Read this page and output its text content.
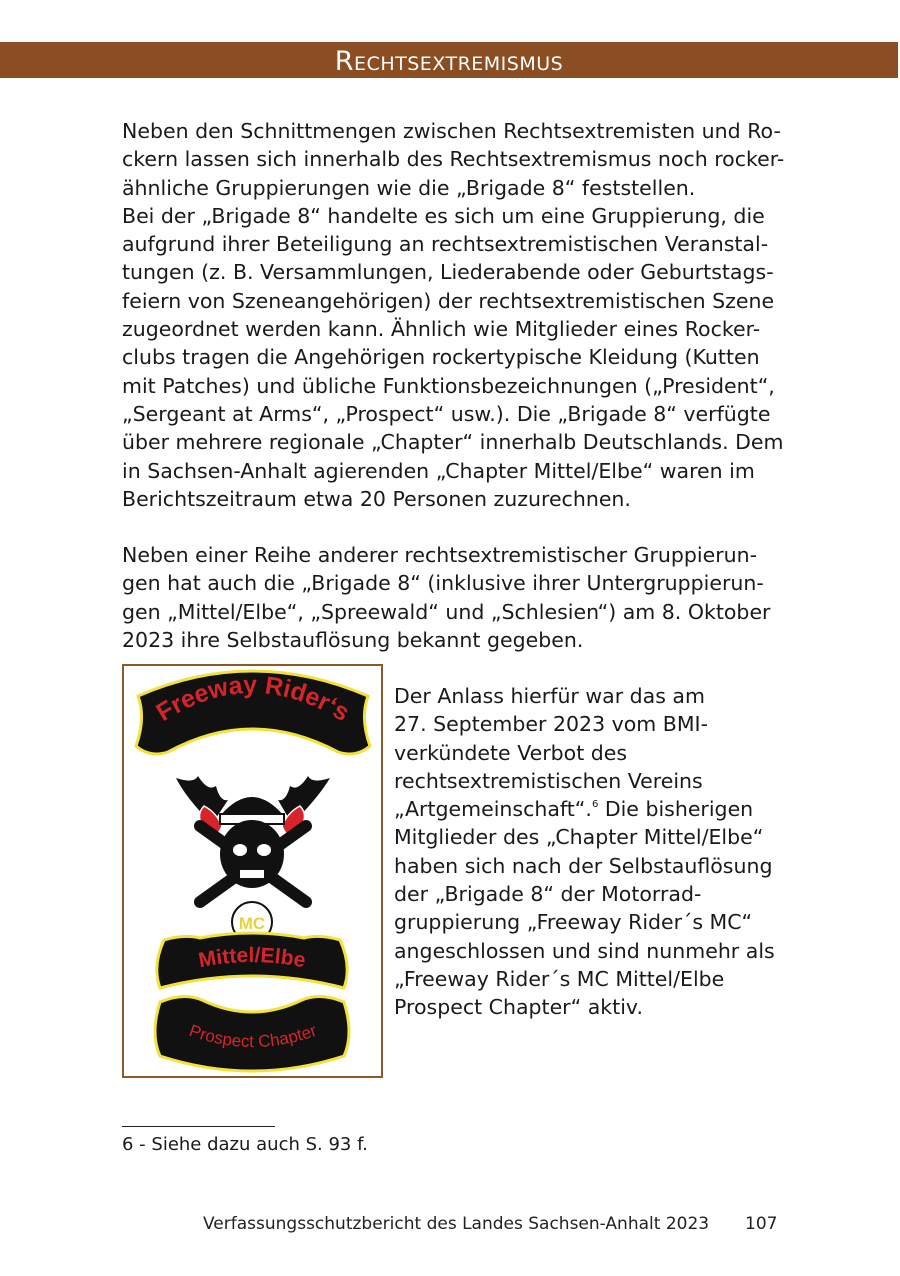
Rechtsextremismus

Neben den Schnittmengen zwischen Rechtsextremisten und Ro-
ckern lassen sich innerhalb des Rechtsextremismus noch rocker-
ähnliche Gruppierungen wie die „Brigade 8“ feststellen.
Bei der „Brigade 8“ handelte es sich um eine Gruppierung, die
aufgrund ihrer Beteiligung an rechtsextremistischen Veranstal-
tungen (z. B. Versammlungen, Liederabende oder Geburtstags-
feiern von Szeneangehörigen) der rechtsextremistischen Szene
zugeordnet werden kann. Ähnlich wie Mitglieder eines Rocker-
clubs tragen die Angehörigen rockertypische Kleidung (Kutten
mit Patches) und übliche Funktionsbezeichnungen („President“,
„Sergeant at Arms“, „Prospect“ usw.). Die „Brigade 8“ verfügte
über mehrere regionale „Chapter“ innerhalb Deutschlands. Dem
in Sachsen-Anhalt agierenden „Chapter Mittel/Elbe“ waren im
Berichtszeitraum etwa 20 Personen zuzurechnen.

Neben einer Reihe anderer rechtsextremistischer Gruppierun-
gen hat auch die „Brigade 8“ (inklusive ihrer Untergruppierun-
gen „Mittel/Elbe“, „Spreewald“ und „Schlesien“) am 8. Oktober
2023 ihre Selbstauflösung bekannt gegeben.

Freeway Rider‘s
MC
Mittel/Elbe
Prospect Chapter

Der Anlass hierfür war das am
27. September 2023 vom BMI-
verkündete Verbot des
rechtsextremistischen Vereins
„Artgemeinschaft“.$^6$ Die bisherigen
Mitglieder des „Chapter Mittel/Elbe“
haben sich nach der Selbstauflösung
der „Brigade 8“ der Motorrad-
gruppierung „Freeway Rider´s MC“
angeschlossen und sind nunmehr als
„Freeway Rider´s MC Mittel/Elbe
Prospect Chapter“ aktiv.

6 - Siehe dazu auch S. 93 f.

Verfassungsschutzbericht des Landes Sachsen-Anhalt 2023 107
